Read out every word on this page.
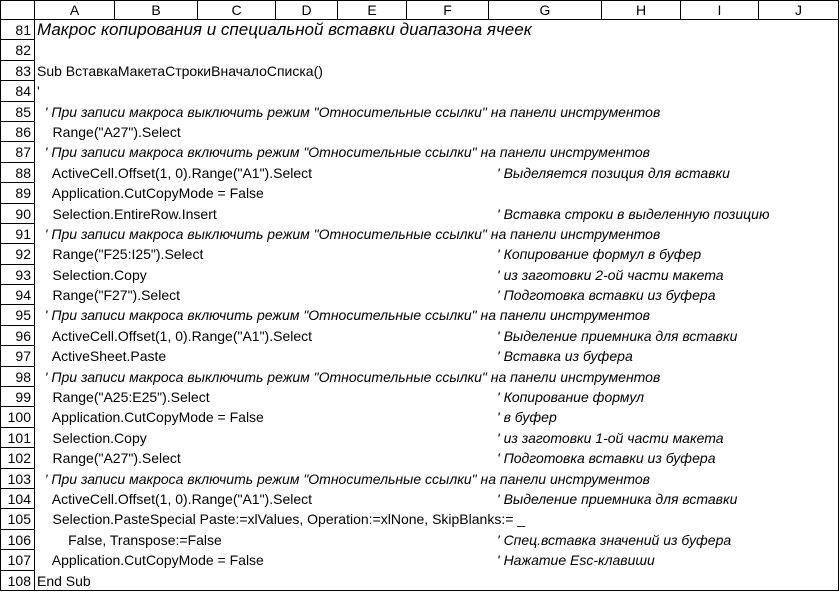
A	B	C	D	E	F	G	H	I	J
81 Макрос копирования и специальной вставки диапазона ячеек
82
83 Sub ВставкаМакетаСтрокиВначалоСписка()
84 '
85 ' При записи макроса выключить режим "Относительные ссылки" на панели инструментов
86 Range("A27").Select
87 ' При записи макроса включить режим "Относительные ссылки" на панели инструментов
88 ActiveCell.Offset(1, 0).Range("A1").Select	' Выделяется позиция для вставки
89 Application.CutCopyMode = False
90 Selection.EntireRow.Insert	' Вставка строки в выделенную позицию
91 ' При записи макроса выключить режим "Относительные ссылки" на панели инструментов
92 Range("F25:I25").Select	' Копирование формул в буфер
93 Selection.Copy	' из заготовки 2-ой части макета
94 Range("F27").Select	' Подготовка вставки из буфера
95 ' При записи макроса включить режим "Относительные ссылки" на панели инструментов
96 ActiveCell.Offset(1, 0).Range("A1").Select	' Выделение приемника для вставки
97 ActiveSheet.Paste	' Вставка из буфера
98 ' При записи макроса выключить режим "Относительные ссылки" на панели инструментов
99 Range("A25:E25").Select	' Копирование формул
100 Application.CutCopyMode = False	' в буфер
101 Selection.Copy	' из заготовки 1-ой части макета
102 Range("A27").Select	' Подготовка вставки из буфера
103 ' При записи макроса включить режим "Относительные ссылки" на панели инструментов
104 ActiveCell.Offset(1, 0).Range("A1").Select	' Выделение приемника для вставки
105 Selection.PasteSpecial Paste:=xlValues, Operation:=xlNone, SkipBlanks:= _
106 False, Transpose:=False	' Спец.вставка значений из буфера
107 Application.CutCopyMode = False	' Нажатие Esc-клавиши
108 End Sub
